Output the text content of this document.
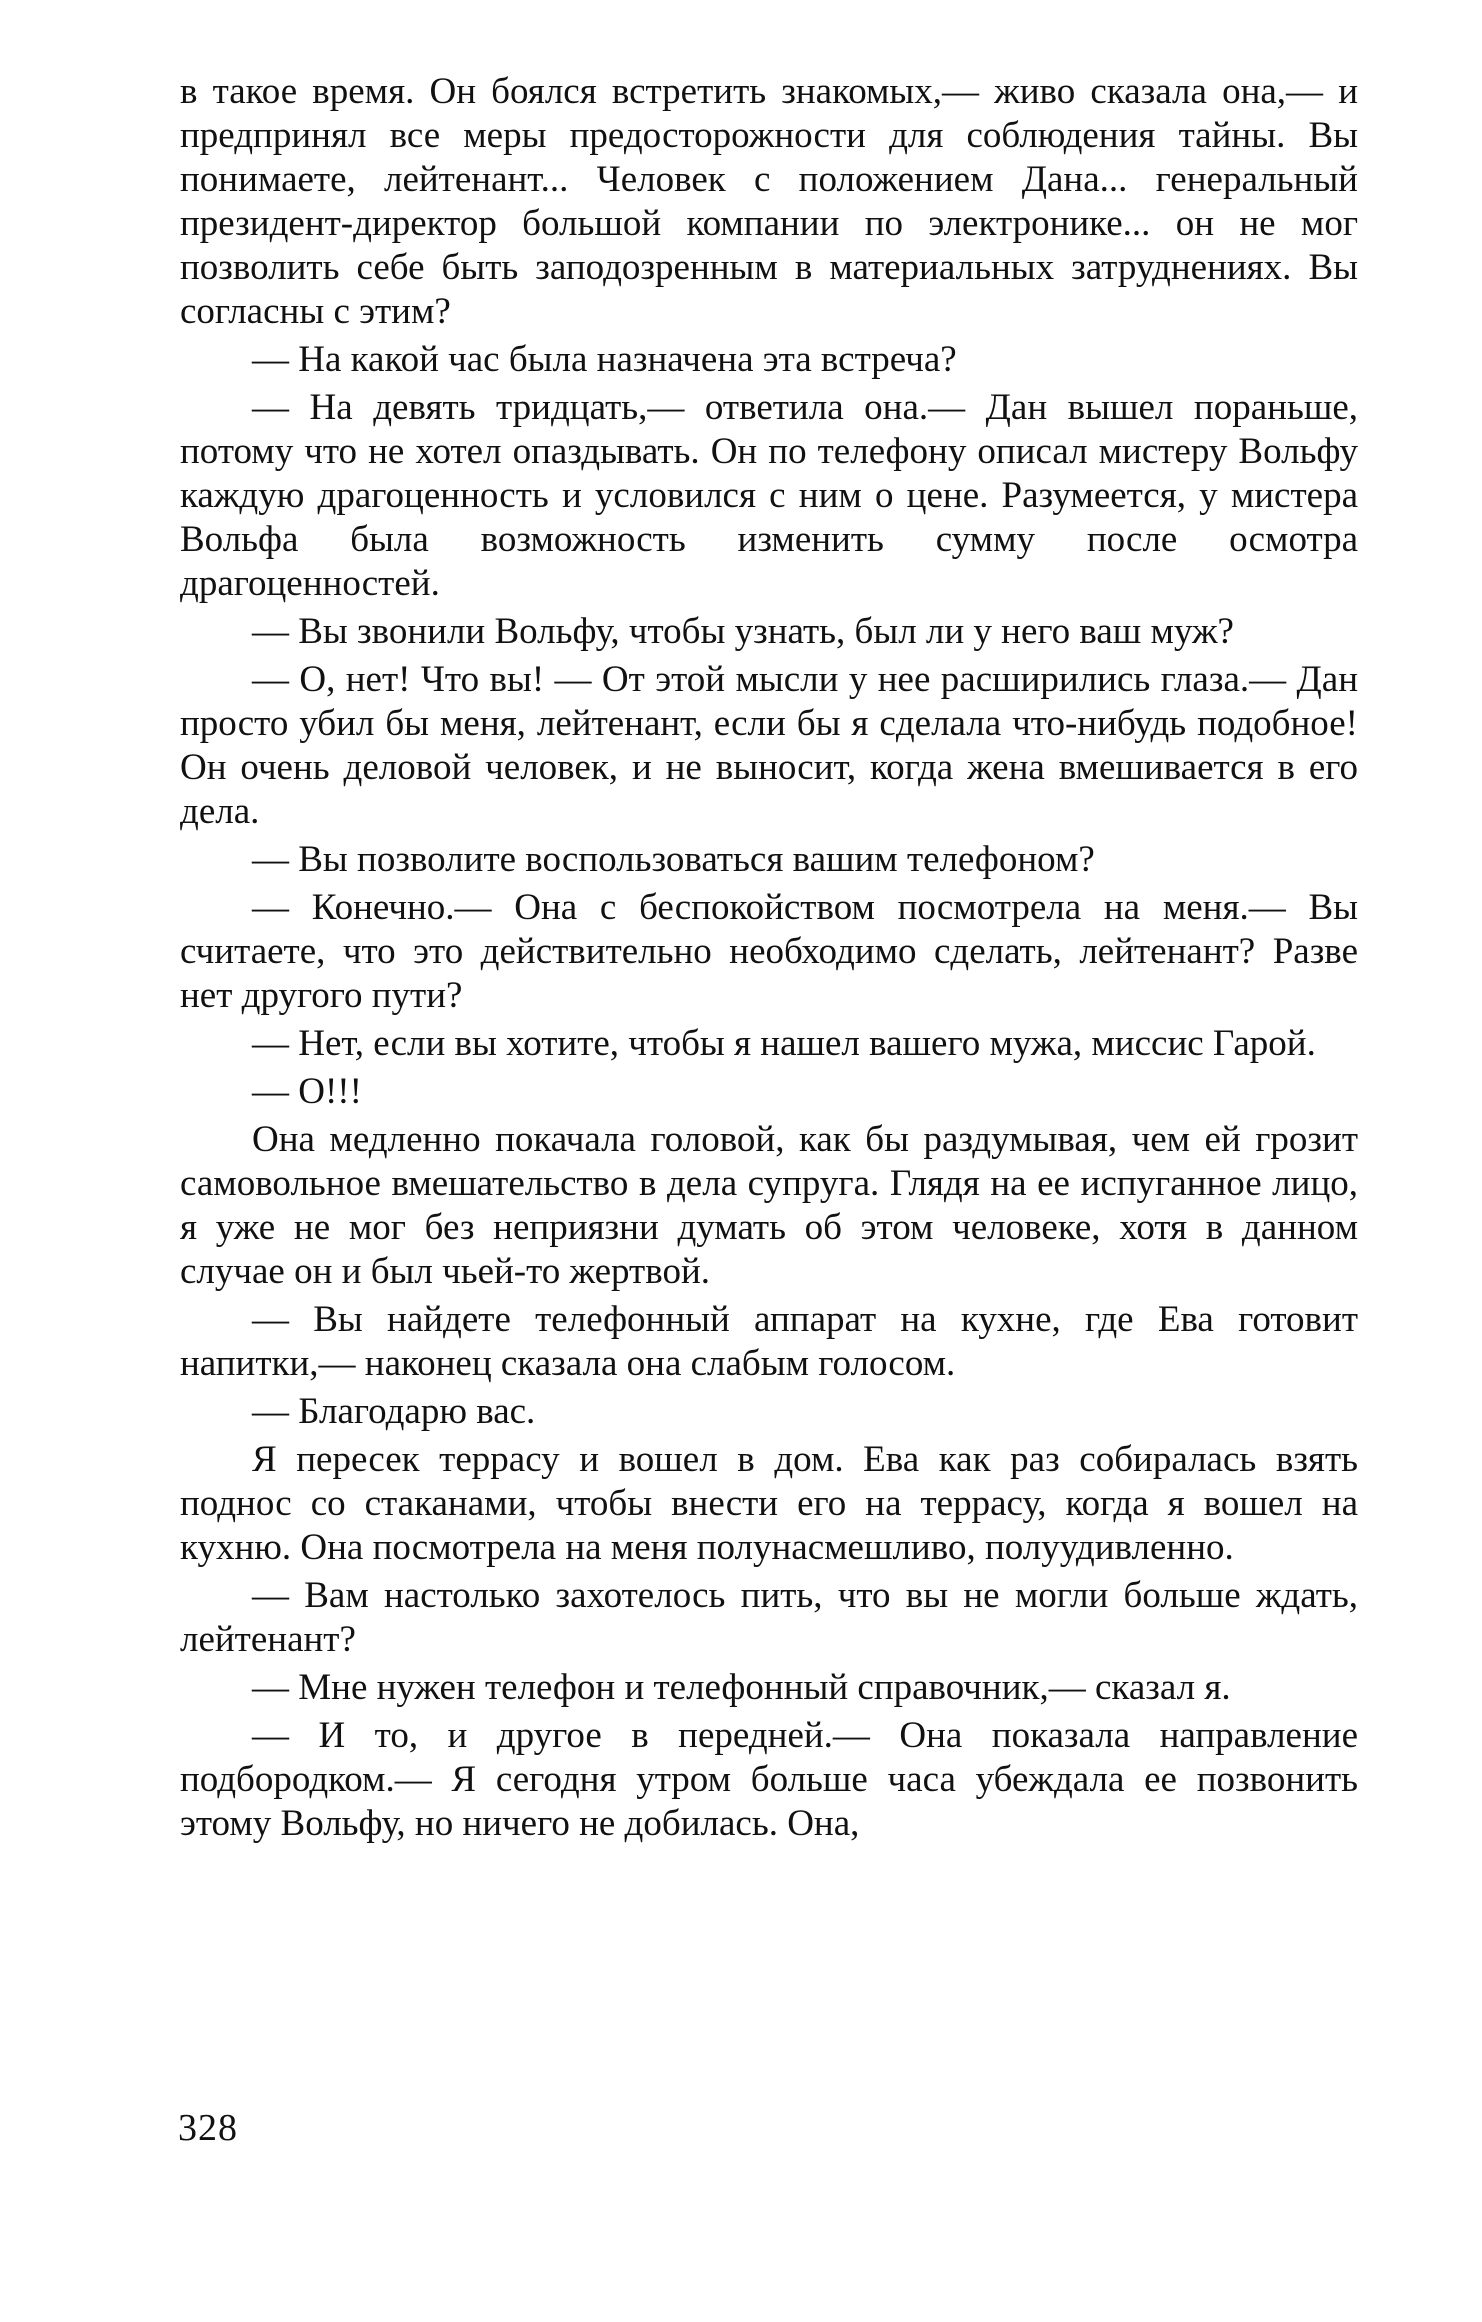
в такое время. Он боялся встретить знакомых,— живо сказала она,— и предпринял все меры предосторожности для соблюдения тайны. Вы понимаете, лейтенант... Человек с положением Дана... генеральный президент-директор большой компании по электронике... он не мог позволить себе быть заподозренным в материальных затруднениях. Вы согласны с этим?

— На какой час была назначена эта встреча?

— На девять тридцать,— ответила она.— Дан вышел пораньше, потому что не хотел опаздывать. Он по телефону описал мистеру Вольфу каждую драгоценность и условился с ним о цене. Разумеется, у мистера Вольфа была возможность изменить сумму после осмотра драгоценностей.

— Вы звонили Вольфу, чтобы узнать, был ли у него ваш муж?

— О, нет! Что вы! — От этой мысли у нее расширились глаза.— Дан просто убил бы меня, лейтенант, если бы я сделала что-нибудь подобное! Он очень деловой человек, и не выносит, когда жена вмешивается в его дела.

— Вы позволите воспользоваться вашим телефоном?

— Конечно.— Она с беспокойством посмотрела на меня.— Вы считаете, что это действительно необходимо сделать, лейтенант? Разве нет другого пути?

— Нет, если вы хотите, чтобы я нашел вашего мужа, миссис Гарой.

— О!!!

Она медленно покачала головой, как бы раздумывая, чем ей грозит самовольное вмешательство в дела супруга. Глядя на ее испуганное лицо, я уже не мог без неприязни думать об этом человеке, хотя в данном случае он и был чьей-то жертвой.

— Вы найдете телефонный аппарат на кухне, где Ева готовит напитки,— наконец сказала она слабым голосом.

— Благодарю вас.

Я пересек террасу и вошел в дом. Ева как раз собиралась взять поднос со стаканами, чтобы внести его на террасу, когда я вошел на кухню. Она посмотрела на меня полунасмешливо, полуудивленно.

— Вам настолько захотелось пить, что вы не могли больше ждать, лейтенант?

— Мне нужен телефон и телефонный справочник,— сказал я.

— И то, и другое в передней.— Она показала направление подбородком.— Я сегодня утром больше часа убеждала ее позвонить этому Вольфу, но ничего не добилась. Она,

328
